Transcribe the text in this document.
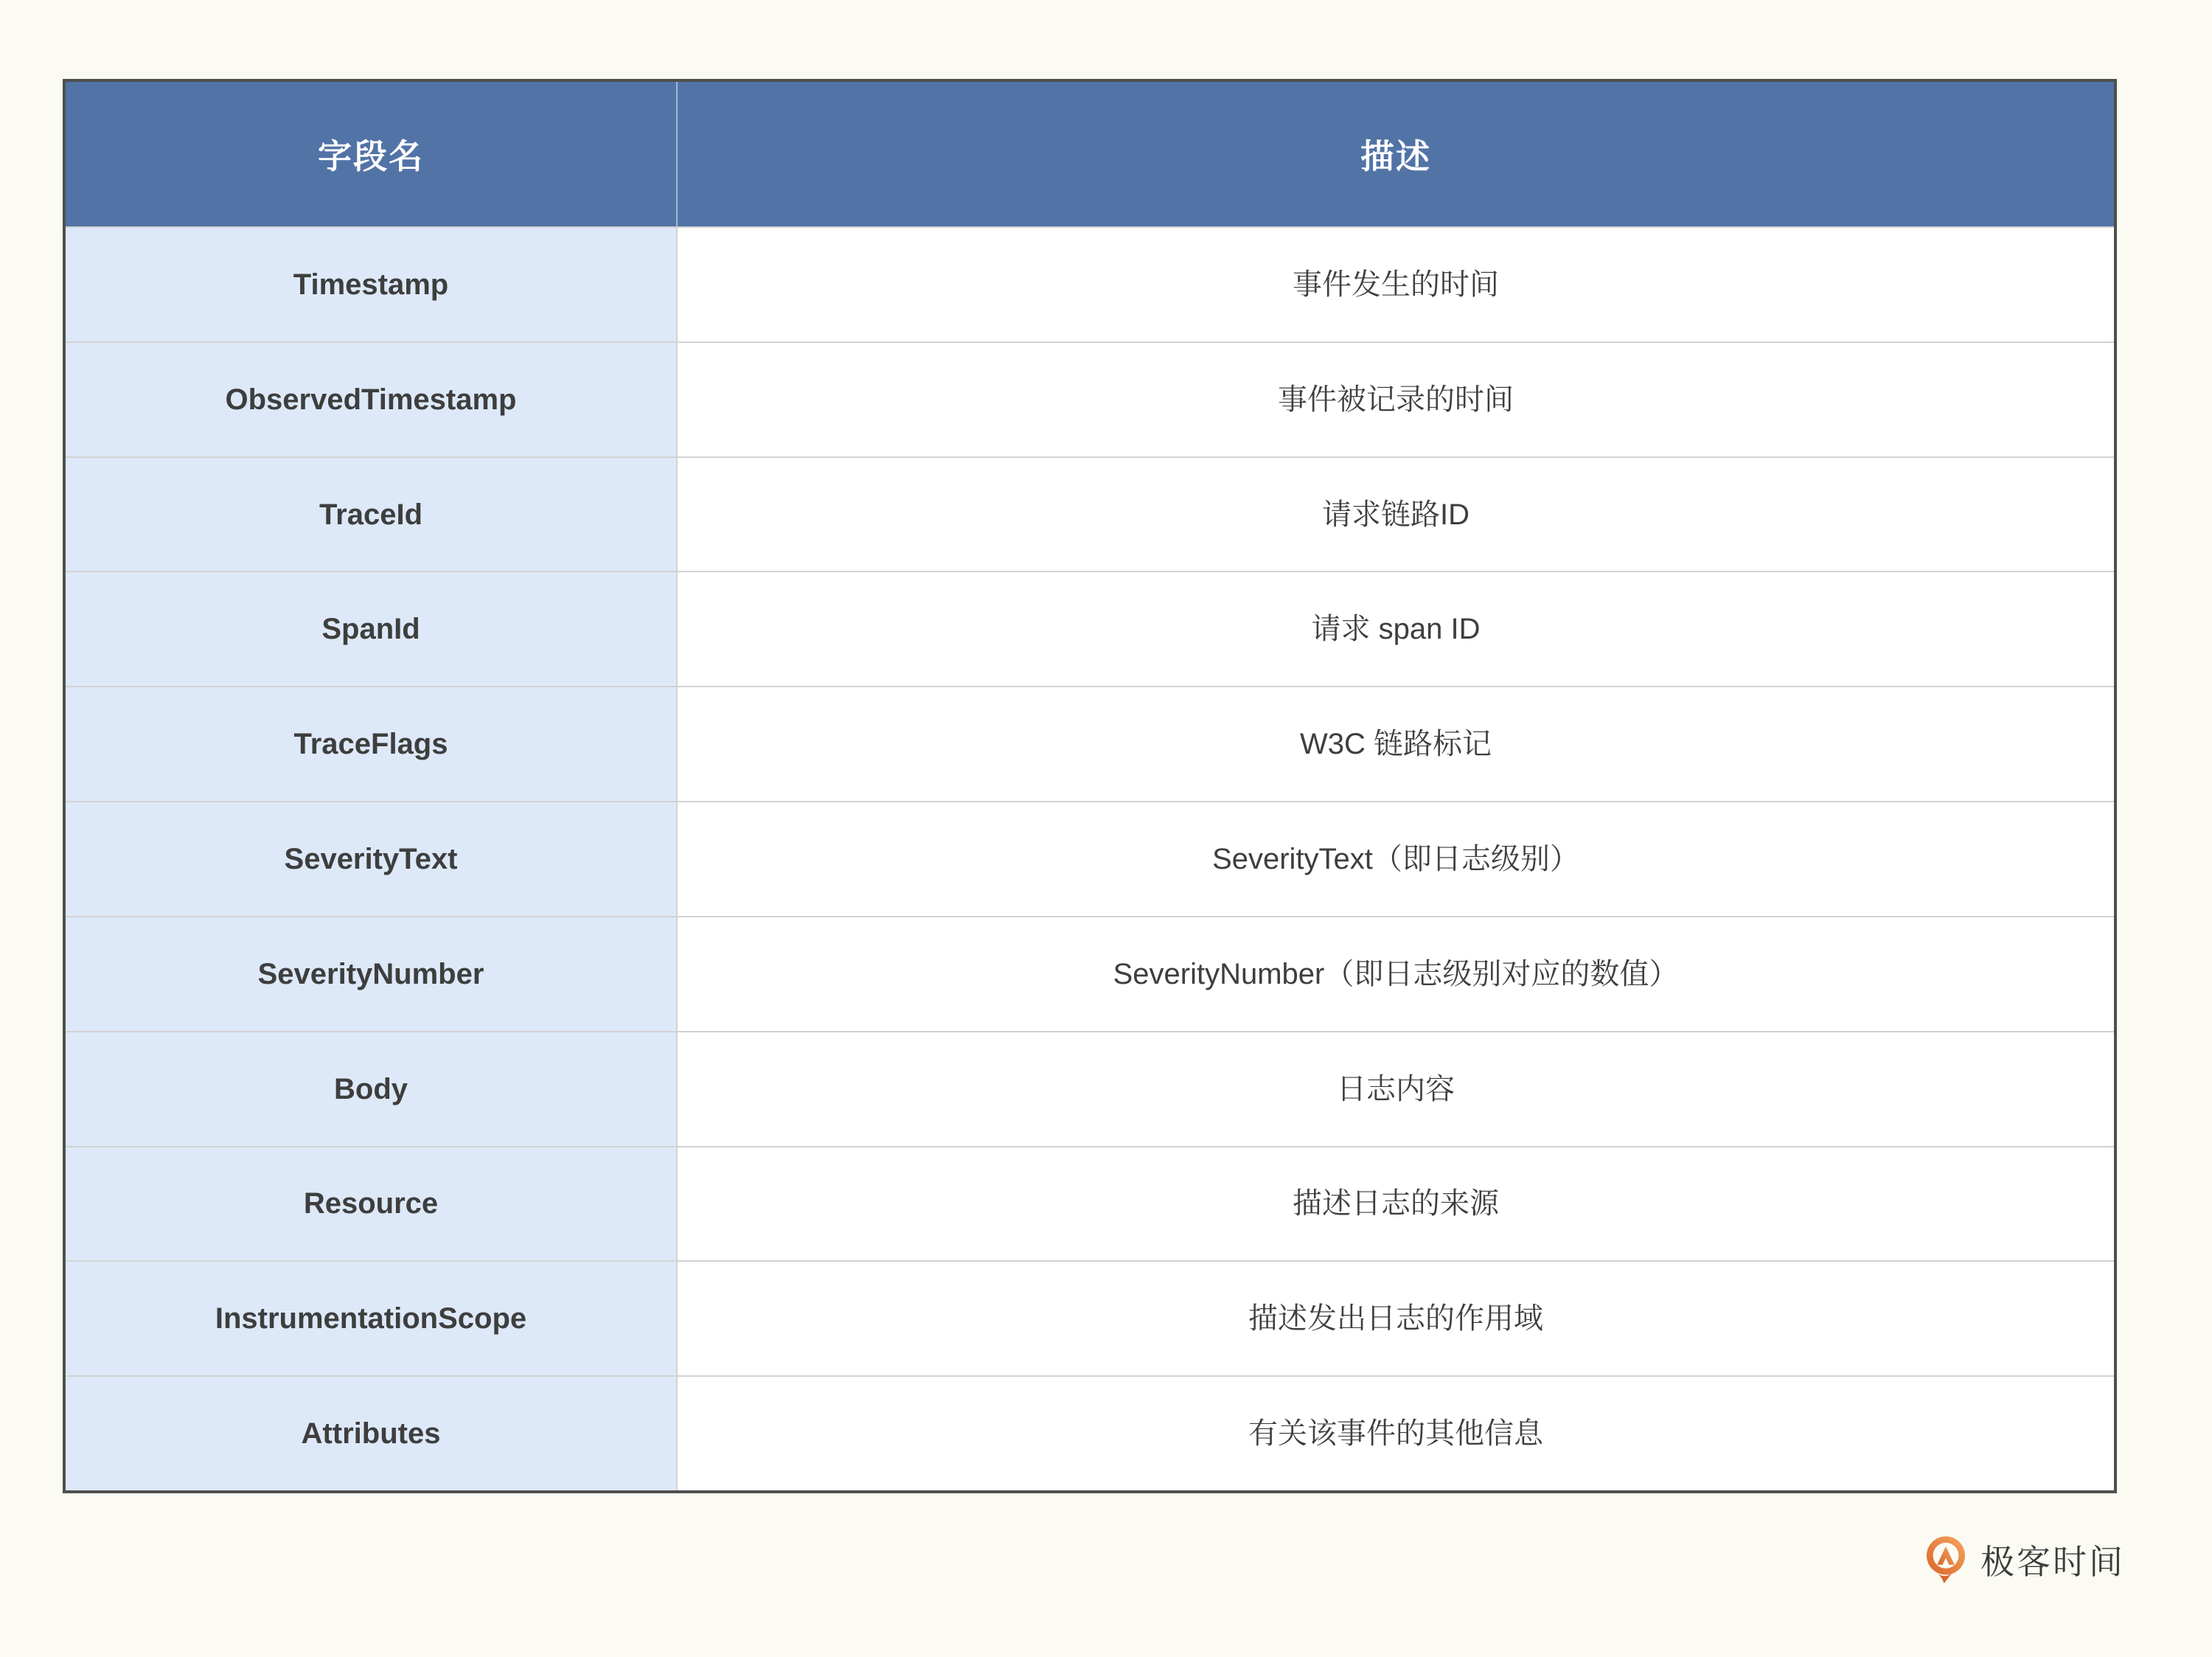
字段名	描述
Timestamp	事件发生的时间
ObservedTimestamp	事件被记录的时间
TraceId	请求链路ID
SpanId	请求 span ID
TraceFlags	W3C 链路标记
SeverityText	SeverityText（即日志级别）
SeverityNumber	SeverityNumber（即日志级别对应的数值）
Body	日志内容
Resource	描述日志的来源
InstrumentationScope	描述发出日志的作用域
Attributes	有关该事件的其他信息
极客时间
